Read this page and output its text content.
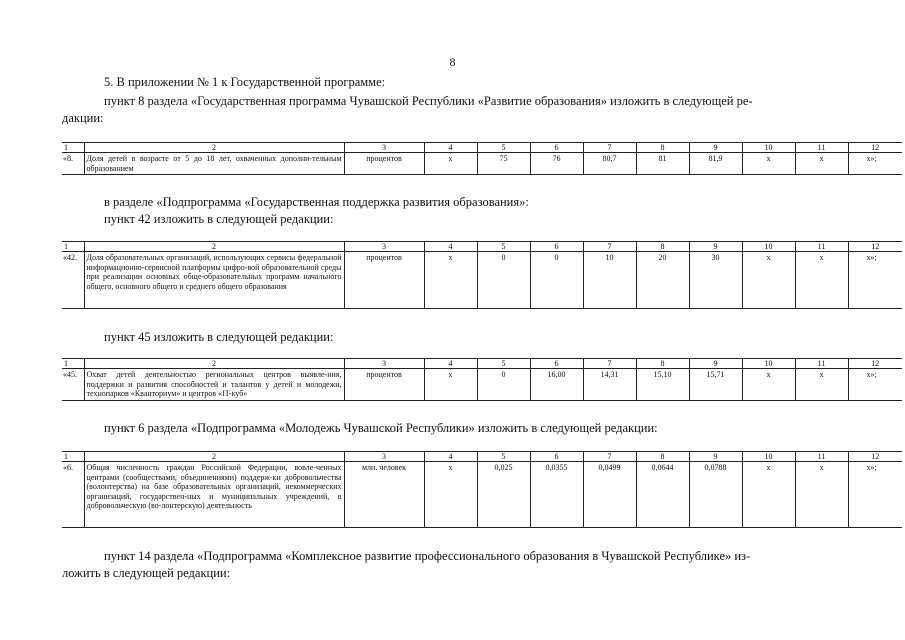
8
5. В приложении № 1 к Государственной программе:
пункт 8 раздела «Государственная программа Чувашской Республики «Развитие образования» изложить в следующей ре-
дакции:
1	2	3	4	5	6	7	8	9	10	11	12
«8.	Доля детей в возрасте от 5 до 18 лет, охваченных дополни-тельным образованием	процентов	х	75	76	80,7	81	81,9	х	х	х»;
в разделе «Подпрограмма «Государственная поддержка развития образования»:
пункт 42 изложить в следующей редакции:
1	2	3	4	5	6	7	8	9	10	11	12
«42.	Доля образовательных организаций, использующих сервисы федеральной информационно-сервисной платформы цифро-вой образовательной среды при реализации основных обще-образовательных программ начального общего, основного общего и среднего общего образования	процентов	х	0	0	10	20	30	х	х	х»;
пункт 45 изложить в следующей редакции:
1	2	3	4	5	6	7	8	9	10	11	12
«45.	Охват детей деятельностью региональных центров выявле-ния, поддержки и развития способностей и талантов у детей и молодежи, технопарков «Кванториум» и центров «IT-куб»	процентов	х	0	16,00	14,31	15,10	15,71	х	х	х»;
пункт 6 раздела «Подпрограмма «Молодежь Чувашской Республики» изложить в следующей редакции:
1	2	3	4	5	6	7	8	9	10	11	12
«6.	Общая численность граждан Российской Федерации, вовле-ченных центрами (сообществами, объединениями) поддерж-ки добровольчества (волонтерства) на базе образовательных организаций, некоммерческих организаций, государствен-ных и муниципальных учреждений, в добровольческую (во-лонтерскую) деятельность	млн. человек	х	0,025	0,0355	0,0499	0,0644	0,0788	х	х	х»;
пункт 14 раздела «Подпрограмма «Комплексное развитие профессионального образования в Чувашской Республике» из-
ложить в следующей редакции:
